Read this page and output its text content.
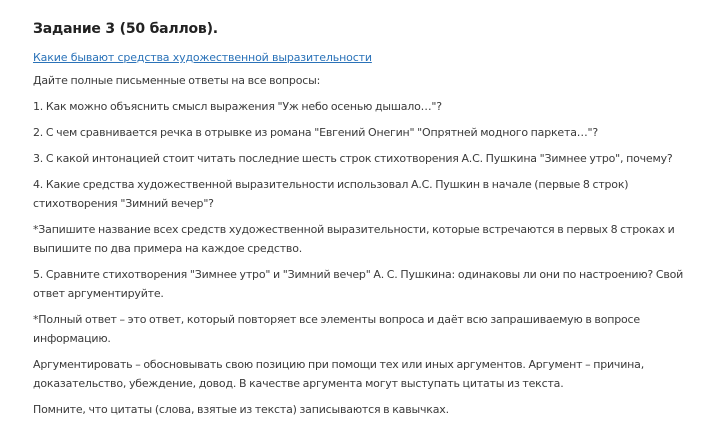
Задание 3 (50 баллов).
Какие бывают средства художественной выразительности

Дайте полные письменные ответы на все вопросы:

1. Как можно объяснить смысл выражения "Уж небо осенью дышало…"?

2. С чем сравнивается речка в отрывке из романа "Евгений Онегин" "Опрятней модного паркета…"?

3. С какой интонацией стоит читать последние шесть строк стихотворения А.С. Пушкина "Зимнее утро", почему?

4. Какие средства художественной выразительности использовал А.С. Пушкин в начале (первые 8 строк) стихотворения "Зимний вечер"?

*Запишите название всех средств художественной выразительности, которые встречаются в первых 8 строках и выпишите по два примера на каждое средство.

5. Сравните стихотворения "Зимнее утро" и "Зимний вечер" А. С. Пушкина: одинаковы ли они по настроению? Свой ответ аргументируйте.

*Полный ответ – это ответ, который повторяет все элементы вопроса и даёт всю запрашиваемую в вопросе информацию.

Аргументировать – обосновывать свою позицию при помощи тех или иных аргументов. Аргумент – причина, доказательство, убеждение, довод. В качестве аргумента могут выступать цитаты из текста.

Помните, что цитаты (слова, взятые из текста) записываются в кавычках.
